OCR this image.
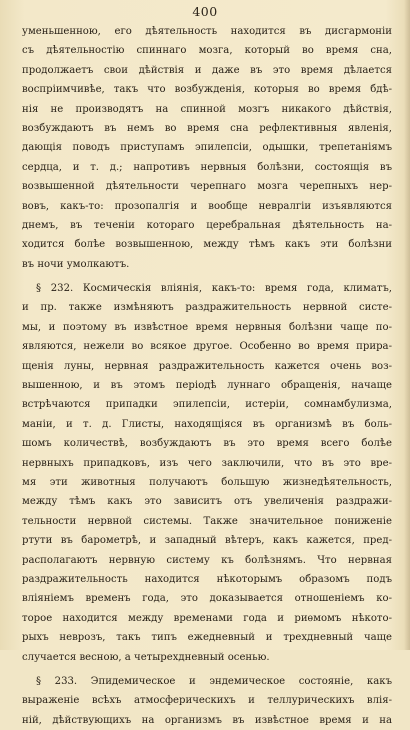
400
уменьшенною, его дѣятельность находится въ дисгармоніи
съ дѣятельностію спиннаго мозга, который во время сна,
продолжаетъ свои дѣйствія и даже въ это время дѣлается
воспріимчивѣе, такъ что возбужденія, которыя во время бдѣ-
нія не производятъ на спинной мозгъ никакого дѣйствія,
возбуждаютъ въ немъ во время сна рефлективныя явленія,
дающія поводъ приступамъ эпилепсіи, одышки, трепетаніямъ
сердца, и т. д.; напротивъ нервныя болѣзни, состоящія въ
возвышенной дѣятельности черепнаго мозга черепныхъ нер-
вовъ, какъ-то: прозопалгія и вообще невралгіи изъявляются
днемъ, въ теченіи котораго церебральная дѣятельность на-
ходится болѣе возвышенною, между тѣмъ какъ эти болѣзни
въ ночи умолкаютъ.
§ 232. Космическія вліянія, какъ-то: время года, климатъ,
и пр. также измѣняютъ раздражительность нервной систе-
мы, и поэтому въ извѣстное время нервныя болѣзни чаще по-
являются, нежели во всякое другое. Особенно во время прира-
щенія луны, нервная раздражительность кажется очень воз-
вышенною, и въ этомъ періодѣ луннаго обращенія, начаще
встрѣчаются припадки эпилепсіи, истеріи, сомнамбулизма,
маніи, и т. д. Глисты, находящіяся въ организмѣ въ боль-
шомъ количествѣ, возбуждаютъ въ это время всего болѣе
нервныхъ припадковъ, изъ чего заключили, что въ это вре-
мя эти животныя получаютъ большую жизнедѣятельность,
между тѣмъ какъ это зависитъ отъ увеличенія раздражи-
тельности нервной системы. Также значительное пониженіе
ртути въ барометрѣ, и западный вѣтеръ, какъ кажется, пред-
располагаютъ нервную систему къ болѣзнямъ. Что нервная
раздражительность находится нѣкоторымъ образомъ подъ
вліяніемъ временъ года, это доказывается отношеніемъ ко-
торое находится между временами года и риѳмомъ нѣкото-
рыхъ неврозъ, такъ типъ ежедневный и трехдневный чаще
случается весною, а четырехдневный осенью.
§ 233. Эпидемическое и эндемическое состояніе, какъ
выраженіе всѣхъ атмосферическихъ и теллурическихъ влія-
ній, дѣйствующихъ на организмъ въ извѣстное время и на
